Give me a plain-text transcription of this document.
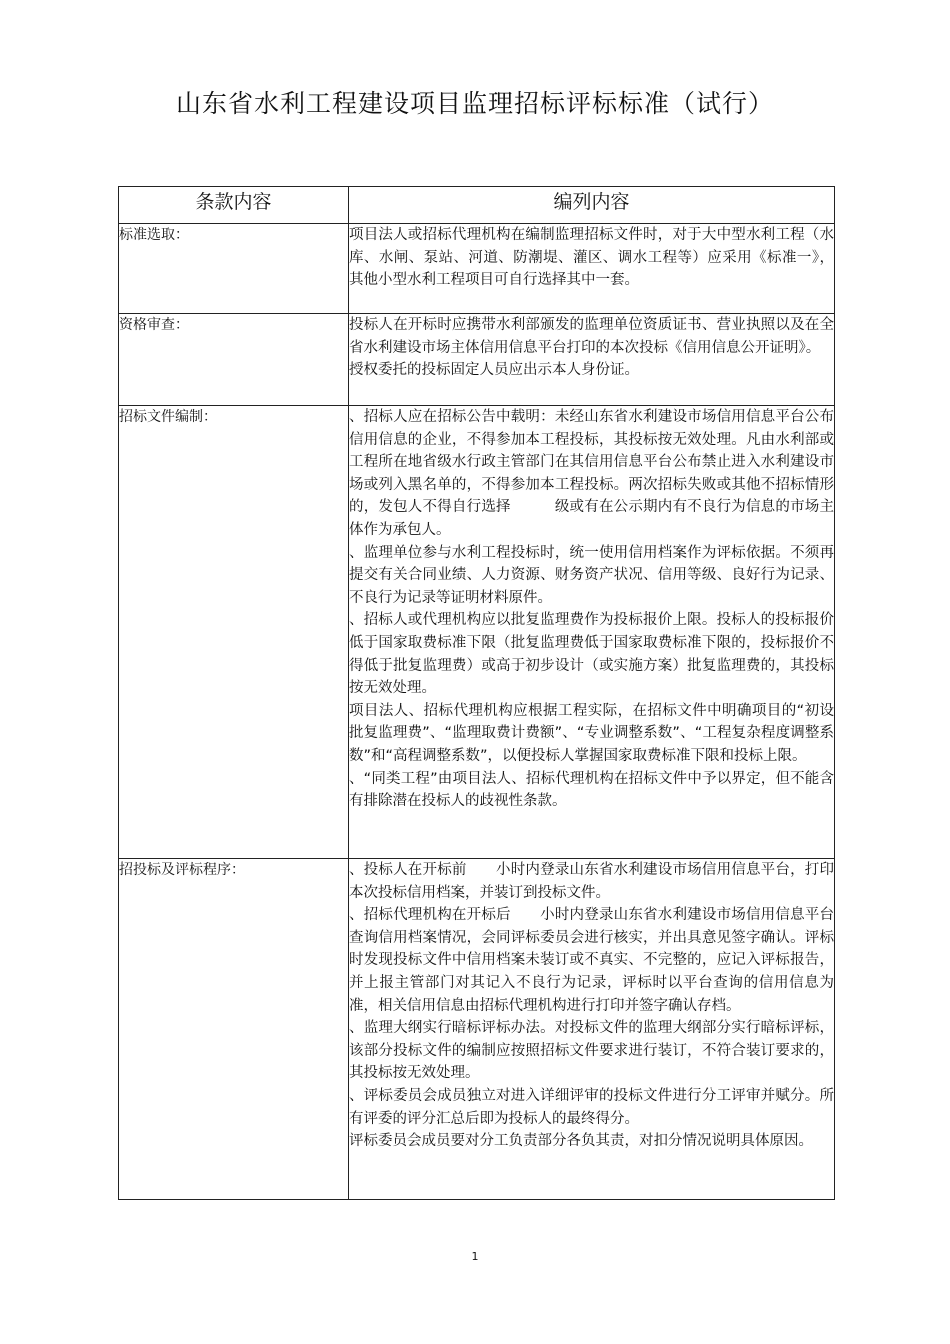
山东省水利工程建设项目监理招标评标标准（试行）
条款内容	编列内容
标准选取：	项目法人或招标代理机构在编制监理招标文件时，对于大中型水利工程（水库、水闸、泵站、河道、防潮堤、灌区、调水工程等）应采用《标准一》，其他小型水利工程项目可自行选择其中一套。

资格审查：	投标人在开标时应携带水利部颁发的监理单位资质证书、营业执照以及在全省水利建设市场主体信用信息平台打印的本次投标《信用信息公开证明》。

授权委托的投标固定人员应出示本人身份证。

招标文件编制：	、招标人应在招标公告中载明：未经山东省水利建设市场信用信息平台公布信用信息的企业，不得参加本工程投标，其投标按无效处理。凡由水利部或工程所在地省级水行政主管部门在其信用信息平台公布禁止进入水利建设市场或列入黑名单的，不得参加本工程投标。两次招标失败或其他不招标情形的，发包人不得自行选择　　　级或有在公示期内有不良行为信息的市场主体作为承包人。

、监理单位参与水利工程投标时，统一使用信用档案作为评标依据。不须再提交有关合同业绩、人力资源、财务资产状况、信用等级、良好行为记录、不良行为记录等证明材料原件。

、招标人或代理机构应以批复监理费作为投标报价上限。投标人的投标报价低于国家取费标准下限（批复监理费低于国家取费标准下限的，投标报价不得低于批复监理费）或高于初步设计（或实施方案）批复监理费的，其投标按无效处理。

项目法人、招标代理机构应根据工程实际，在招标文件中明确项目的“初设批复监理费”、“监理取费计费额”、“专业调整系数”、“工程复杂程度调整系数”和“高程调整系数”，以便投标人掌握国家取费标准下限和投标上限。

、“同类工程”由项目法人、招标代理机构在招标文件中予以界定，但不能含有排除潜在投标人的歧视性条款。

招投标及评标程序：	、投标人在开标前　　小时内登录山东省水利建设市场信用信息平台，打印本次投标信用档案，并装订到投标文件。

、招标代理机构在开标后　　小时内登录山东省水利建设市场信用信息平台查询信用档案情况，会同评标委员会进行核实，并出具意见签字确认。评标时发现投标文件中信用档案未装订或不真实、不完整的，应记入评标报告，并上报主管部门对其记入不良行为记录，评标时以平台查询的信用信息为准，相关信用信息由招标代理机构进行打印并签字确认存档。

、监理大纲实行暗标评标办法。对投标文件的监理大纲部分实行暗标评标，该部分投标文件的编制应按照招标文件要求进行装订，不符合装订要求的，其投标按无效处理。

、评标委员会成员独立对进入详细评审的投标文件进行分工评审并赋分。所有评委的评分汇总后即为投标人的最终得分。

评标委员会成员要对分工负责部分各负其责，对扣分情况说明具体原因。

1
